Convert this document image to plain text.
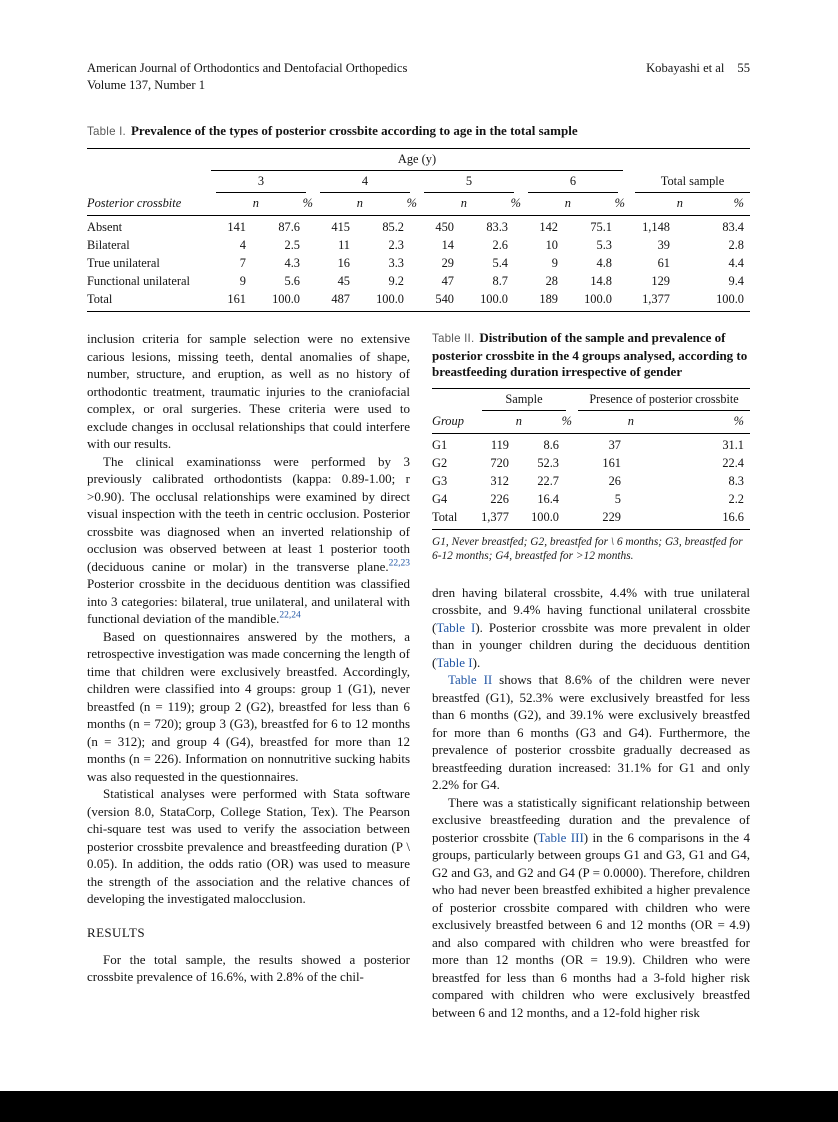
American Journal of Orthodontics and Dentofacial Orthopedics
Volume 137, Number 1
Kobayashi et al 55
Table I. Prevalence of the types of posterior crossbite according to age in the total sample

	Age (y)									

	3		4		5		6		Total sample	

Posterior crossbite	n	%	n	%	n	%	n	%	n	%
Absent	141	87.6	415	85.2	450	83.3	142	75.1	1,148	83.4
Bilateral	4	2.5	11	2.3	14	2.6	10	5.3	39	2.8
True unilateral	7	4.3	16	3.3	29	5.4	9	4.8	61	4.4
Functional unilateral	9	5.6	45	9.2	47	8.7	28	14.8	129	9.4
Total	161	100.0	487	100.0	540	100.0	189	100.0	1,377	100.0

inclusion criteria for sample selection were no extensive carious lesions, missing teeth, dental anomalies of shape, number, structure, and eruption, as well as no history of orthodontic treatment, traumatic injuries to the craniofacial complex, or oral surgeries. These criteria were used to exclude changes in occlusal relationships that could interfere with our results.

The clinical examinationss were performed by 3 previously calibrated orthodontists (kappa: 0.89-1.00; r >0.90). The occlusal relationships were examined by direct visual inspection with the teeth in centric occlusion. Posterior crossbite was diagnosed when an inverted relationship of occlusion was observed between at least 1 posterior tooth (deciduous canine or molar) in the transverse plane.$^{22,23}$ Posterior crossbite in the deciduous dentition was classified into 3 categories: bilateral, true unilateral, and unilateral with functional deviation of the mandible.$^{22,24}$

Based on questionnaires answered by the mothers, a retrospective investigation was made concerning the length of time that children were exclusively breastfed. Accordingly, children were classified into 4 groups: group 1 (G1), never breastfed (n = 119); group 2 (G2), breastfed for less than 6 months (n = 720); group 3 (G3), breastfed for 6 to 12 months (n = 312); and group 4 (G4), breastfed for more than 12 months (n = 226). Information on nonnutritive sucking habits was also requested in the questionnaires.

Statistical analyses were performed with Stata software (version 8.0, StataCorp, College Station, Tex). The Pearson chi-square test was used to verify the association between posterior crossbite prevalence and breastfeeding duration (P \ 0.05). In addition, the odds ratio (OR) was used to measure the strength of the association and the relative chances of developing the investigated malocclusion.

RESULTS

For the total sample, the results showed a posterior crossbite prevalence of 16.6%, with 2.8% of the chil-

Table II. Distribution of the sample and prevalence of posterior crossbite in the 4 groups analysed, according to breastfeeding duration irrespective of gender

	Sample		Presence of posterior crossbite	

Group	n	%	n	%
G1	119	8.6	37	31.1
G2	720	52.3	161	22.4
G3	312	22.7	26	8.3
G4	226	16.4	5	2.2
Total	1,377	100.0	229	16.6
G1, Never breastfed; G2, breastfed for \ 6 months; G3, breastfed for 6-12 months; G4, breastfed for >12 months.

dren having bilateral crossbite, 4.4% with true unilateral crossbite, and 9.4% having functional unilateral crossbite (Table I). Posterior crossbite was more prevalent in older than in younger children during the deciduous dentition (Table I).

Table II shows that 8.6% of the children were never breastfed (G1), 52.3% were exclusively breastfed for less than 6 months (G2), and 39.1% were exclusively breastfed for more than 6 months (G3 and G4). Furthermore, the prevalence of posterior crossbite gradually decreased as breastfeeding duration increased: 31.1% for G1 and only 2.2% for G4.

There was a statistically significant relationship between exclusive breastfeeding duration and the prevalence of posterior crossbite (Table III) in the 6 comparisons in the 4 groups, particularly between groups G1 and G3, G1 and G4, G2 and G3, and G2 and G4 (P = 0.0000). Therefore, children who had never been breastfed exhibited a higher prevalence of posterior crossbite compared with children who were exclusively breastfed between 6 and 12 months (OR = 4.9) and also compared with children who were breastfed for more than 12 months (OR = 19.9). Children who were breastfed for less than 6 months had a 3-fold higher risk compared with children who were exclusively breastfed between 6 and 12 months, and a 12-fold higher risk
